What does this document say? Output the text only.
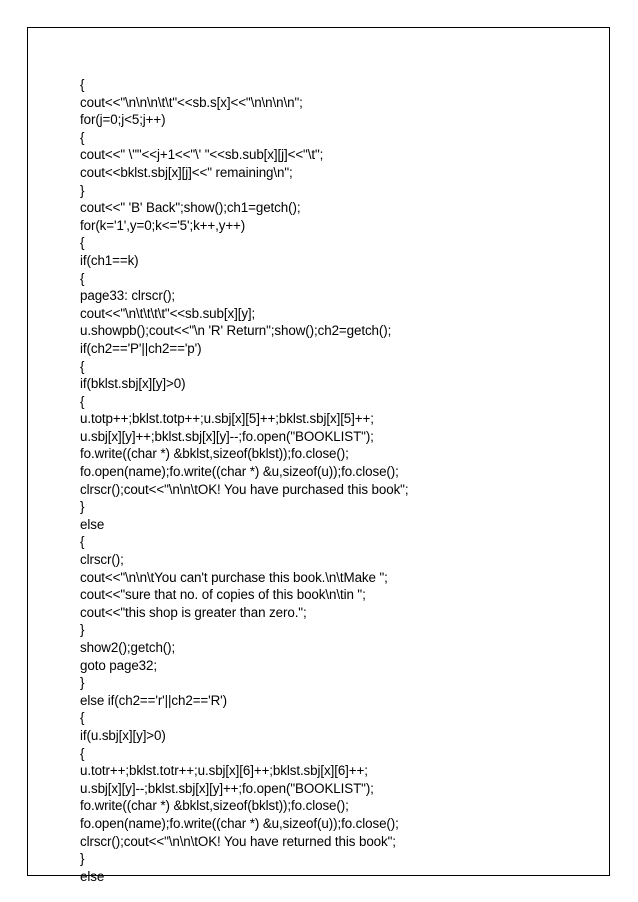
{
cout<<"\n\n\n\t\t"<<sb.s[x]<<"\n\n\n\n";
for(j=0;j<5;j++)
{
cout<<" \""<<j+1<<"\' "<<sb.sub[x][j]<<"\t";
cout<<bklst.sbj[x][j]<<" remaining\n";
}
cout<<" 'B' Back";show();ch1=getch();
for(k='1',y=0;k<='5';k++,y++)
{
if(ch1==k)
{
page33: clrscr();
cout<<"\n\t\t\t\t"<<sb.sub[x][y];
u.showpb();cout<<"\n 'R' Return";show();ch2=getch();
if(ch2=='P'||ch2=='p')
{
if(bklst.sbj[x][y]>0)
{
u.totp++;bklst.totp++;u.sbj[x][5]++;bklst.sbj[x][5]++;
u.sbj[x][y]++;bklst.sbj[x][y]--;fo.open("BOOKLIST");
fo.write((char *) &bklst,sizeof(bklst));fo.close();
fo.open(name);fo.write((char *) &u,sizeof(u));fo.close();
clrscr();cout<<"\n\n\tOK! You have purchased this book";
}
else
{
clrscr();
cout<<"\n\n\tYou can't purchase this book.\n\tMake ";
cout<<"sure that no. of copies of this book\n\tin ";
cout<<"this shop is greater than zero.";
}
show2();getch();
goto page32;
}
else if(ch2=='r'||ch2=='R')
{
if(u.sbj[x][y]>0)
{
u.totr++;bklst.totr++;u.sbj[x][6]++;bklst.sbj[x][6]++;
u.sbj[x][y]--;bklst.sbj[x][y]++;fo.open("BOOKLIST");
fo.write((char *) &bklst,sizeof(bklst));fo.close();
fo.open(name);fo.write((char *) &u,sizeof(u));fo.close();
clrscr();cout<<"\n\n\tOK! You have returned this book";
}
else
